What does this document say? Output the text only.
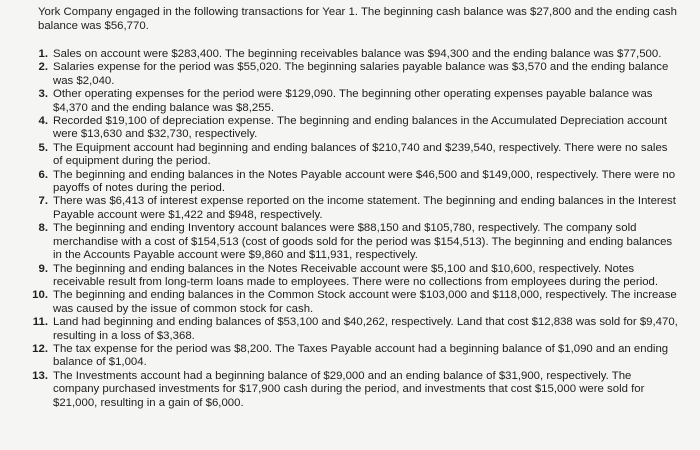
York Company engaged in the following transactions for Year 1. The beginning cash balance was $27,800 and the ending cash balance was $56,770.

1. Sales on account were $283,400. The beginning receivables balance was $94,300 and the ending balance was $77,500.
2. Salaries expense for the period was $55,020. The beginning salaries payable balance was $3,570 and the ending balance was $2,040.
3. Other operating expenses for the period were $129,090. The beginning other operating expenses payable balance was $4,370 and the ending balance was $8,255.
4. Recorded $19,100 of depreciation expense. The beginning and ending balances in the Accumulated Depreciation account were $13,630 and $32,730, respectively.
5. The Equipment account had beginning and ending balances of $210,740 and $239,540, respectively. There were no sales of equipment during the period.
6. The beginning and ending balances in the Notes Payable account were $46,500 and $149,000, respectively. There were no payoffs of notes during the period.
7. There was $6,413 of interest expense reported on the income statement. The beginning and ending balances in the Interest Payable account were $1,422 and $948, respectively.
8. The beginning and ending Inventory account balances were $88,150 and $105,780, respectively. The company sold merchandise with a cost of $154,513 (cost of goods sold for the period was $154,513). The beginning and ending balances in the Accounts Payable account were $9,860 and $11,931, respectively.
9. The beginning and ending balances in the Notes Receivable account were $5,100 and $10,600, respectively. Notes receivable result from long-term loans made to employees. There were no collections from employees during the period.
10. The beginning and ending balances in the Common Stock account were $103,000 and $118,000, respectively. The increase was caused by the issue of common stock for cash.
11. Land had beginning and ending balances of $53,100 and $40,262, respectively. Land that cost $12,838 was sold for $9,470, resulting in a loss of $3,368.
12. The tax expense for the period was $8,200. The Taxes Payable account had a beginning balance of $1,090 and an ending balance of $1,004.
13. The Investments account had a beginning balance of $29,000 and an ending balance of $31,900, respectively. The company purchased investments for $17,900 cash during the period, and investments that cost $15,000 were sold for $21,000, resulting in a gain of $6,000.
